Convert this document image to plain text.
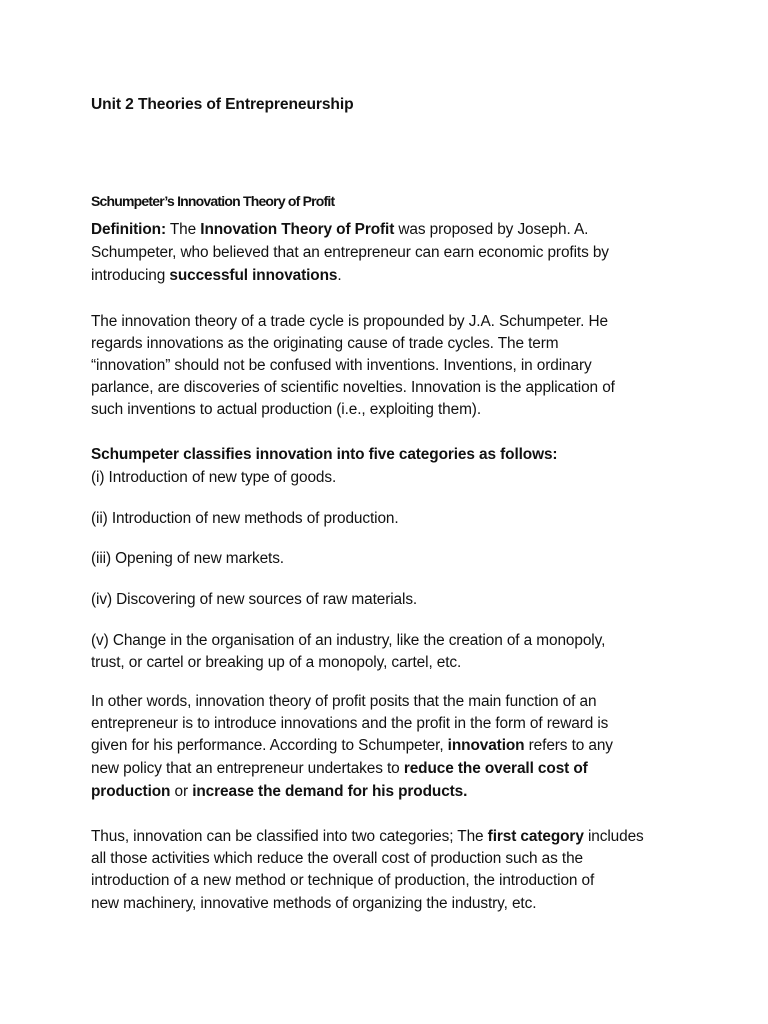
Unit 2 Theories of Entrepreneurship
Schumpeter’s Innovation Theory of Profit
Definition: The Innovation Theory of Profit was proposed by Joseph. A.
Schumpeter, who believed that an entrepreneur can earn economic profits by
introducing successful innovations.
The innovation theory of a trade cycle is propounded by J.A. Schumpeter. He
regards innovations as the originating cause of trade cycles. The term
“innovation” should not be confused with inventions. Inventions, in ordinary
parlance, are discoveries of scientific novelties. Innovation is the application of
such inventions to actual production (i.e., exploiting them).
Schumpeter classifies innovation into five categories as follows:
(i) Introduction of new type of goods.
(ii) Introduction of new methods of production.
(iii) Opening of new markets.
(iv) Discovering of new sources of raw materials.
(v) Change in the organisation of an industry, like the creation of a monopoly,
trust, or cartel or breaking up of a monopoly, cartel, etc.
In other words, innovation theory of profit posits that the main function of an
entrepreneur is to introduce innovations and the profit in the form of reward is
given for his performance. According to Schumpeter, innovation refers to any
new policy that an entrepreneur undertakes to reduce the overall cost of
production or increase the demand for his products.
Thus, innovation can be classified into two categories; The first category includes
all those activities which reduce the overall cost of production such as the
introduction of a new method or technique of production, the introduction of
new machinery, innovative methods of organizing the industry, etc.
